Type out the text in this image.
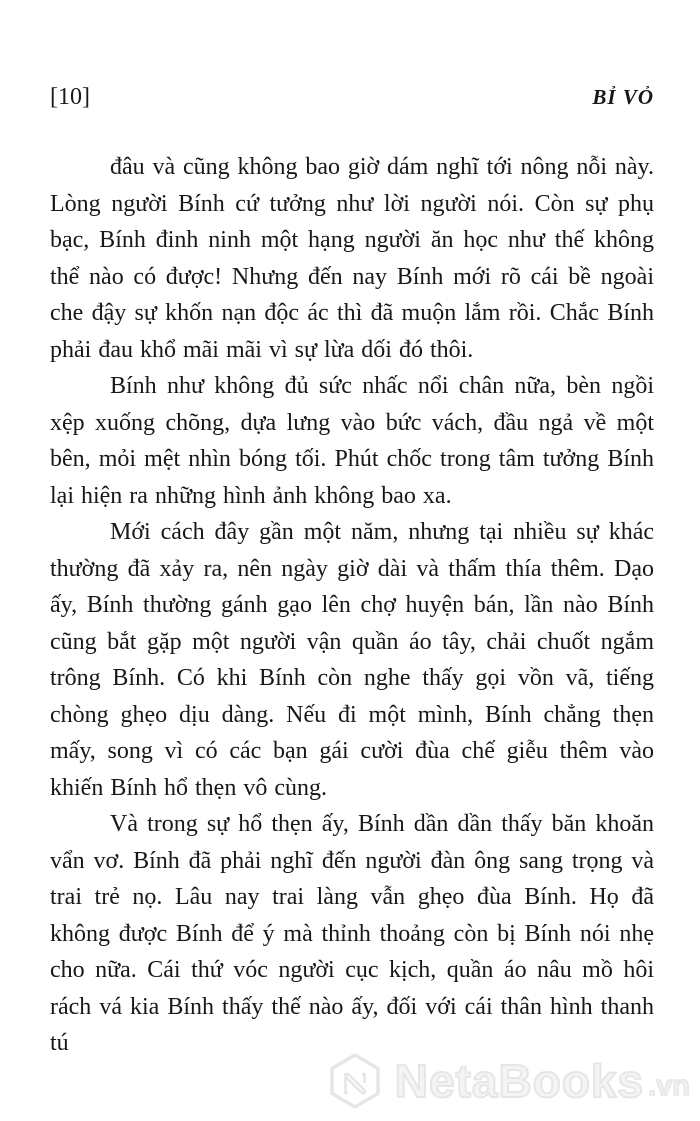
[10]	BỈ VỎ

đâu và cũng không bao giờ dám nghĩ tới nông nỗi này. Lòng người Bính cứ tưởng như lời người nói. Còn sự phụ bạc, Bính đinh ninh một hạng người ăn học như thế không thể nào có được! Nhưng đến nay Bính mới rõ cái bề ngoài che đậy sự khốn nạn độc ác thì đã muộn lắm rồi. Chắc Bính phải đau khổ mãi mãi vì sự lừa dối đó thôi.

Bính như không đủ sức nhấc nổi chân nữa, bèn ngồi xệp xuống chõng, dựa lưng vào bức vách, đầu ngả về một bên, mỏi mệt nhìn bóng tối. Phút chốc trong tâm tưởng Bính lại hiện ra những hình ảnh không bao xa.

Mới cách đây gần một năm, nhưng tại nhiều sự khác thường đã xảy ra, nên ngày giờ dài và thấm thía thêm. Dạo ấy, Bính thường gánh gạo lên chợ huyện bán, lần nào Bính cũng bắt gặp một người vận quần áo tây, chải chuốt ngắm trông Bính. Có khi Bính còn nghe thấy gọi vồn vã, tiếng chòng ghẹo dịu dàng. Nếu đi một mình, Bính chẳng thẹn mấy, song vì có các bạn gái cười đùa chế giễu thêm vào khiến Bính hổ thẹn vô cùng.

Và trong sự hổ thẹn ấy, Bính dần dần thấy băn khoăn vẩn vơ. Bính đã phải nghĩ đến người đàn ông sang trọng và trai trẻ nọ. Lâu nay trai làng vẫn ghẹo đùa Bính. Họ đã không được Bính để ý mà thỉnh thoảng còn bị Bính nói nhẹ cho nữa. Cái thứ vóc người cục kịch, quần áo nâu mồ hôi rách vá kia Bính thấy thế nào ấy, đối với cái thân hình thanh tú

NetaBooks .vn
